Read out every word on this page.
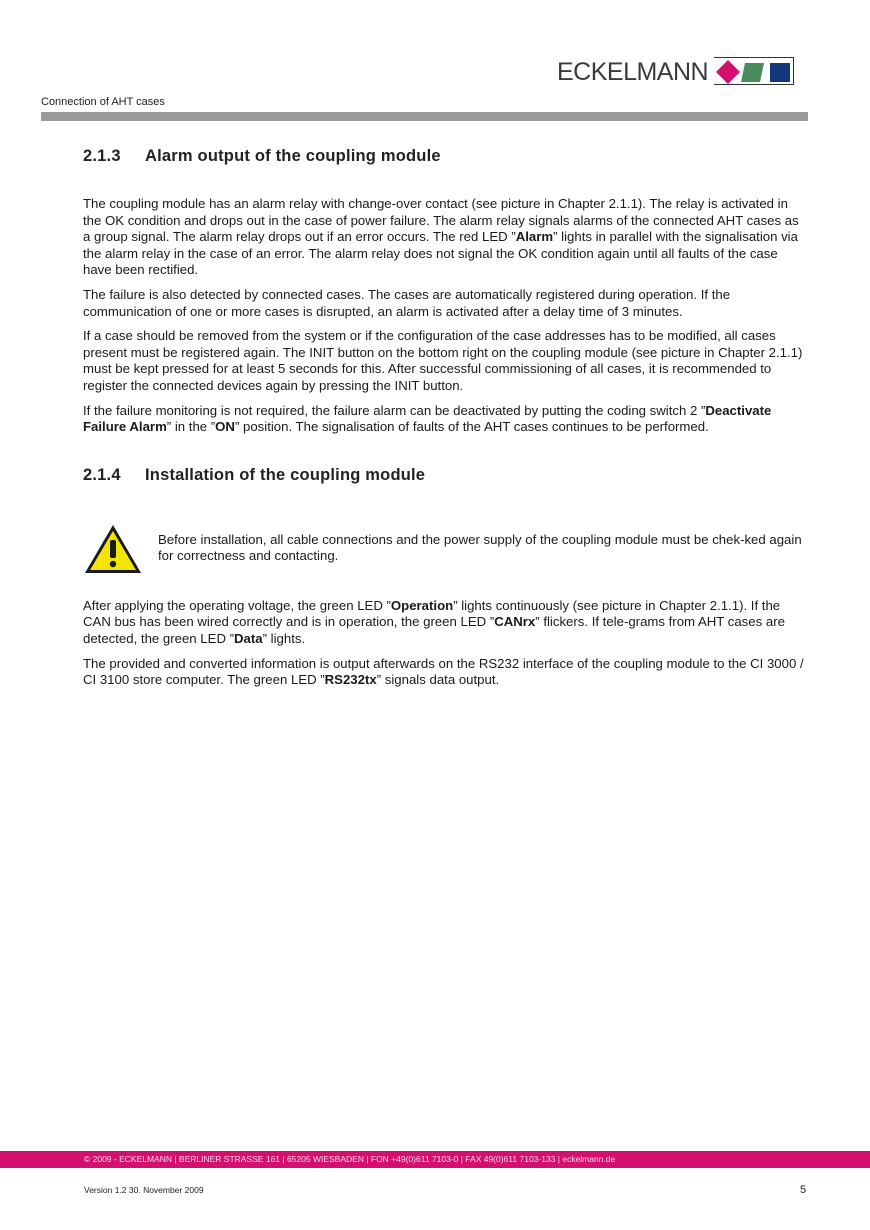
ECKELMANN
Connection of AHT cases
2.1.3	Alarm output of the coupling module

The coupling module has an alarm relay with change-over contact (see picture in Chapter 2.1.1). The relay is activated in the OK condition and drops out in the case of power failure. The alarm relay signals alarms of the connected AHT cases as a group signal. The alarm relay drops out if an error occurs. The red LED ”Alarm” lights in parallel with the signalisation via the alarm relay in the case of an error. The alarm relay does not signal the OK condition again until all faults of the case have been rectified.

The failure is also detected by connected cases. The cases are automatically registered during operation. If the communication of one or more cases is disrupted, an alarm is activated after a delay time of 3 minutes.

If a case should be removed from the system or if the configuration of the case addresses has to be modified, all cases present must be registered again. The INIT button on the bottom right on the coupling module (see picture in Chapter 2.1.1) must be kept pressed for at least 5 seconds for this. After successful commissioning of all cases, it is recommended to register the connected devices again by pressing the INIT button.

If the failure monitoring is not required, the failure alarm can be deactivated by putting the coding switch 2 ”Deactivate Failure Alarm” in the ”ON” position. The signalisation of faults of the AHT cases continues to be performed.

2.1.4	Installation of the coupling module
Before installation, all cable connections and the power supply of the coupling module must be chek-ked again for correctness and contacting.

After applying the operating voltage, the green LED ”Operation” lights continuously (see picture in Chapter 2.1.1). If the CAN bus has been wired correctly and is in operation, the green LED ”CANrx” flickers. If tele-grams from AHT cases are detected, the green LED ”Data” lights.

The provided and converted information is output afterwards on the RS232 interface of the coupling module to the CI 3000 / CI 3100 store computer. The green LED ”RS232tx” signals data output.

© 2009 - ECKELMANN | BERLINER STRASSE 161 | 65205 WIESBADEN | FON +49(0)611 7103-0 | FAX 49(0)611 7103-133 | eckelmann.de
Version 1.2 30. November 2009	5
